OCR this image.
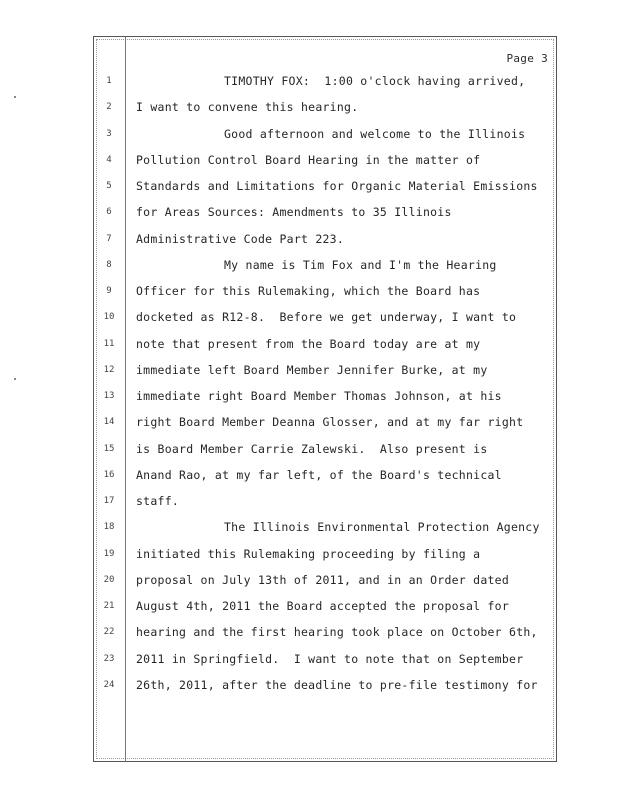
Page 3
1	TIMOTHY FOX:  1:00 o'clock having arrived,
2	I want to convene this hearing.
3	Good afternoon and welcome to the Illinois
4	Pollution Control Board Hearing in the matter of
5	Standards and Limitations for Organic Material Emissions
6	for Areas Sources: Amendments to 35 Illinois
7	Administrative Code Part 223.
8	My name is Tim Fox and I'm the Hearing
9	Officer for this Rulemaking, which the Board has
10	docketed as R12-8.  Before we get underway, I want to
11	note that present from the Board today are at my
12	immediate left Board Member Jennifer Burke, at my
13	immediate right Board Member Thomas Johnson, at his
14	right Board Member Deanna Glosser, and at my far right
15	is Board Member Carrie Zalewski.  Also present is
16	Anand Rao, at my far left, of the Board's technical
17	staff.
18	The Illinois Environmental Protection Agency
19	initiated this Rulemaking proceeding by filing a
20	proposal on July 13th of 2011, and in an Order dated
21	August 4th, 2011 the Board accepted the proposal for
22	hearing and the first hearing took place on October 6th,
23	2011 in Springfield.  I want to note that on September
24	26th, 2011, after the deadline to pre-file testimony for
